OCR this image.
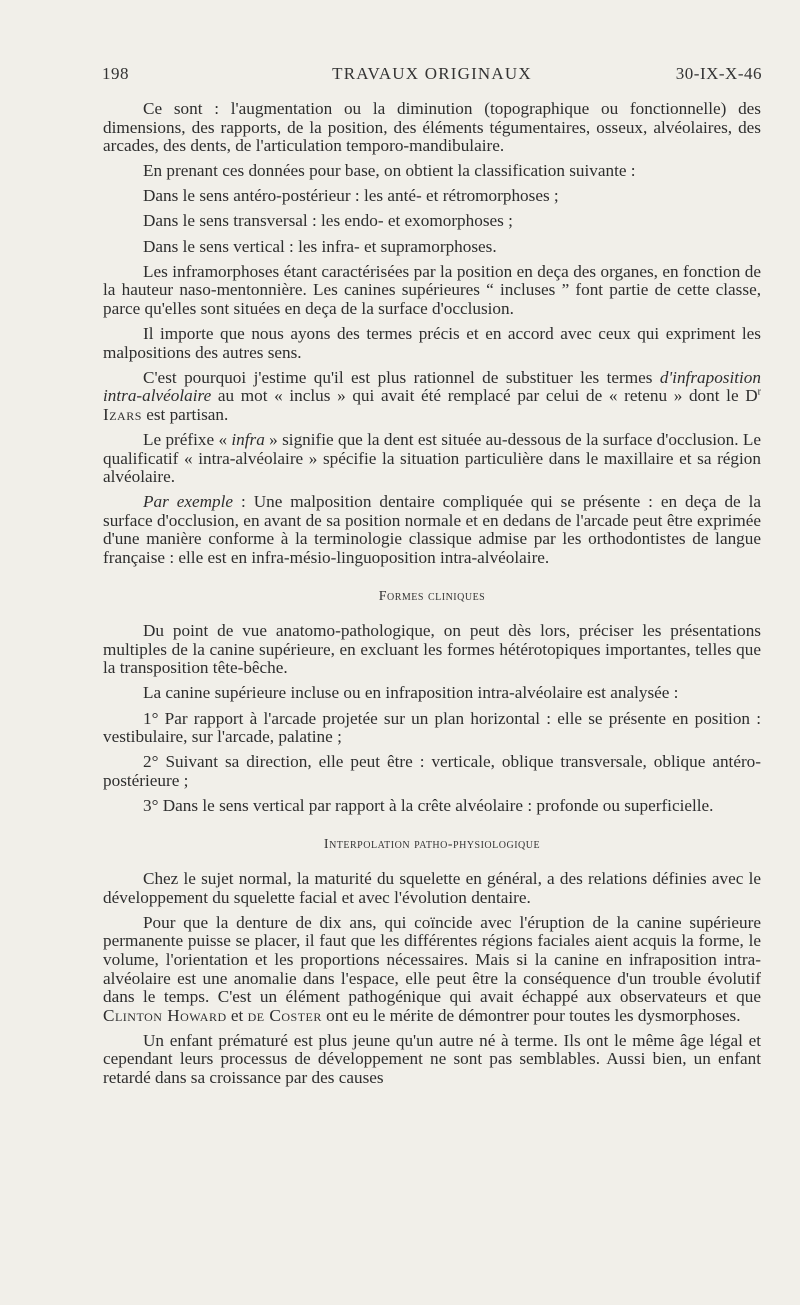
198	TRAVAUX ORIGINAUX	30-IX-X-46

Ce sont : l'augmentation ou la diminution (topographique ou fonctionnelle) des dimensions, des rapports, de la position, des éléments tégumentaires, osseux, alvéolaires, des arcades, des dents, de l'articulation temporo-mandibulaire.

En prenant ces données pour base, on obtient la classification suivante :

Dans le sens antéro-postérieur : les anté- et rétromorphoses ;

Dans le sens transversal : les endo- et exomorphoses ;

Dans le sens vertical : les infra- et supramorphoses.

Les inframorphoses étant caractérisées par la position en deça des organes, en fonction de la hauteur naso-mentonnière. Les canines supérieures “ incluses ” font partie de cette classe, parce qu'elles sont situées en deça de la surface d'occlusion.

Il importe que nous ayons des termes précis et en accord avec ceux qui expriment les malpositions des autres sens.

C'est pourquoi j'estime qu'il est plus rationnel de substituer les termes d'infraposition intra-alvéolaire au mot « inclus » qui avait été remplacé par celui de « retenu » dont le $D^r$ Izars est partisan.

Le préfixe « infra » signifie que la dent est située au-dessous de la surface d'occlusion. Le qualificatif « intra-alvéolaire » spécifie la situation particulière dans le maxillaire et sa région alvéolaire.

Par exemple : Une malposition dentaire compliquée qui se présente : en deça de la surface d'occlusion, en avant de sa position normale et en dedans de l'arcade peut être exprimée d'une manière conforme à la terminologie classique admise par les orthodontistes de langue française : elle est en infra-mésio-linguoposition intra-alvéolaire.

Formes cliniques

Du point de vue anatomo-pathologique, on peut dès lors, préciser les présentations multiples de la canine supérieure, en excluant les formes hétérotopiques importantes, telles que la transposition tête-bêche.

La canine supérieure incluse ou en infraposition intra-alvéolaire est analysée :

1° Par rapport à l'arcade projetée sur un plan horizontal : elle se présente en position : vestibulaire, sur l'arcade, palatine ;

2° Suivant sa direction, elle peut être : verticale, oblique transversale, oblique antéro-postérieure ;

3° Dans le sens vertical par rapport à la crête alvéolaire : profonde ou superficielle.

Interpolation patho-physiologique

Chez le sujet normal, la maturité du squelette en général, a des relations définies avec le développement du squelette facial et avec l'évolution dentaire.

Pour que la denture de dix ans, qui coïncide avec l'éruption de la canine supérieure permanente puisse se placer, il faut que les différentes régions faciales aient acquis la forme, le volume, l'orientation et les proportions nécessaires. Mais si la canine en infraposition intra-alvéolaire est une anomalie dans l'espace, elle peut être la conséquence d'un trouble évolutif dans le temps. C'est un élément pathogénique qui avait échappé aux observateurs et que Clinton Howard et de Coster ont eu le mérite de démontrer pour toutes les dysmorphoses.

Un enfant prématuré est plus jeune qu'un autre né à terme. Ils ont le même âge légal et cependant leurs processus de développement ne sont pas semblables. Aussi bien, un enfant retardé dans sa croissance par des causes
